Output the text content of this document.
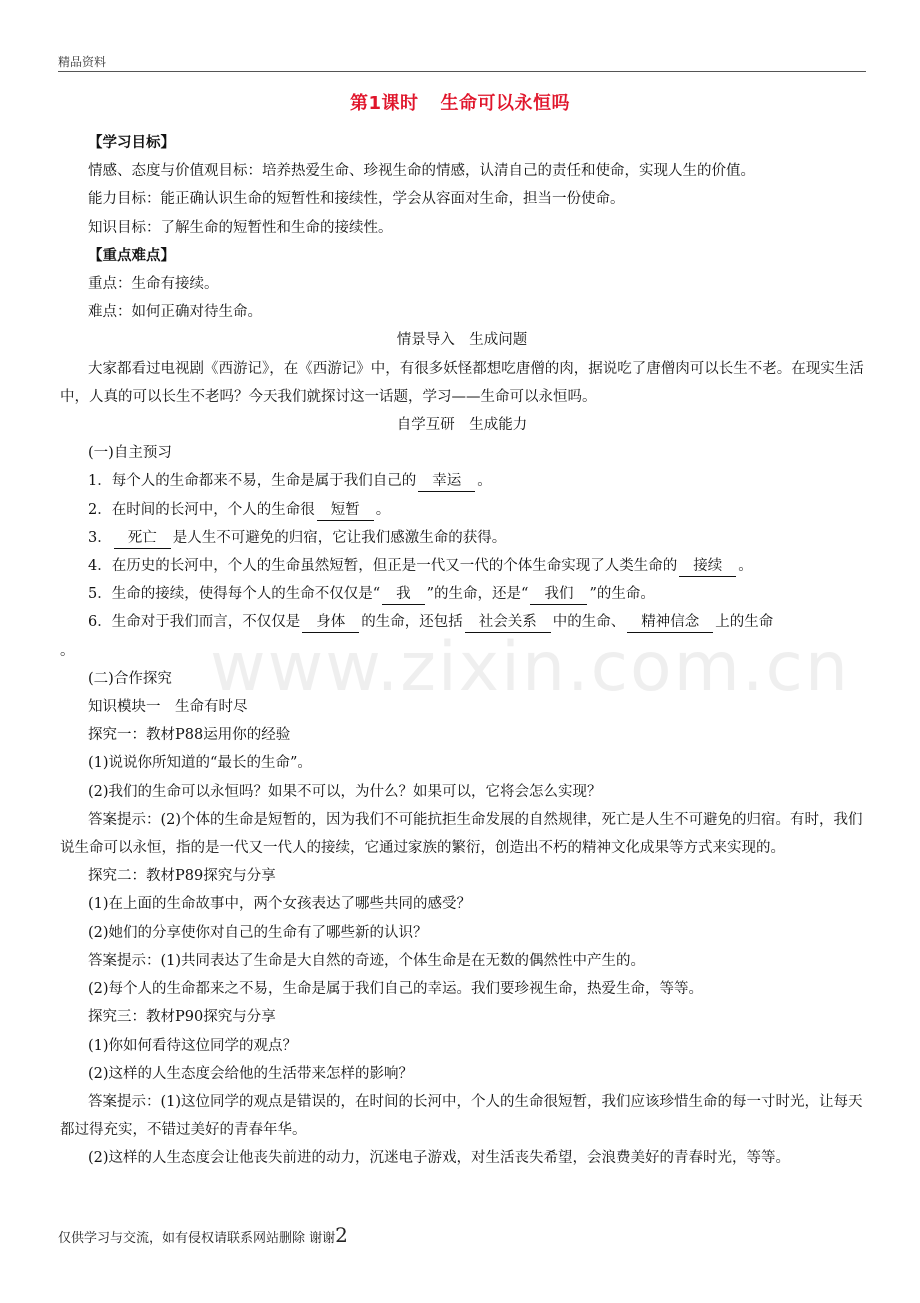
精品资料
第1课时 生命可以永恒吗
www.zixin.com.cn
【学习目标】
情感、态度与价值观目标：培养热爱生命、珍视生命的情感，认清自己的责任和使命，实现人生的价值。
能力目标：能正确认识生命的短暂性和接续性，学会从容面对生命，担当一份使命。
知识目标：了解生命的短暂性和生命的接续性。
【重点难点】
重点：生命有接续。
难点：如何正确对待生命。
情景导入　生成问题
大家都看过电视剧《西游记》，在《西游记》中，有很多妖怪都想吃唐僧的肉，据说吃了唐僧肉可以长生不老。在现实生活中，人真的可以长生不老吗？今天我们就探讨这一话题，学习——生命可以永恒吗。
自学互研　生成能力
(一)自主预习
1．每个人的生命都来不易，生命是属于我们自己的 幸运 。
2．在时间的长河中，个人的生命很 短暂 。
3． 死亡 是人生不可避免的归宿，它让我们感激生命的获得。
4．在历史的长河中，个人的生命虽然短暂，但正是一代又一代的个体生命实现了人类生命的 接续 。
5．生命的接续，使得每个人的生命不仅仅是“ 我 ”的生命，还是“ 我们 ”的生命。
6．生命对于我们而言，不仅仅是 身体 的生命，还包括 社会关系 中的生命、 精神信念 上的生命
。
(二)合作探究
知识模块一　生命有时尽
探究一：教材P88运用你的经验
(1)说说你所知道的“最长的生命”。
(2)我们的生命可以永恒吗？如果不可以，为什么？如果可以，它将会怎么实现？
答案提示：(2)个体的生命是短暂的，因为我们不可能抗拒生命发展的自然规律，死亡是人生不可避免的归宿。有时，我们说生命可以永恒，指的是一代又一代人的接续，它通过家族的繁衍，创造出不朽的精神文化成果等方式来实现的。
探究二：教材P89探究与分享
(1)在上面的生命故事中，两个女孩表达了哪些共同的感受？
(2)她们的分享使你对自己的生命有了哪些新的认识？
答案提示：(1)共同表达了生命是大自然的奇迹，个体生命是在无数的偶然性中产生的。
(2)每个人的生命都来之不易，生命是属于我们自己的幸运。我们要珍视生命，热爱生命，等等。
探究三：教材P90探究与分享
(1)你如何看待这位同学的观点？
(2)这样的人生态度会给他的生活带来怎样的影响？
答案提示：(1)这位同学的观点是错误的，在时间的长河中，个人的生命很短暂，我们应该珍惜生命的每一寸时光，让每天都过得充实，不错过美好的青春年华。
(2)这样的人生态度会让他丧失前进的动力，沉迷电子游戏，对生活丧失希望，会浪费美好的青春时光，等等。
仅供学习与交流，如有侵权请联系网站删除 谢谢2
